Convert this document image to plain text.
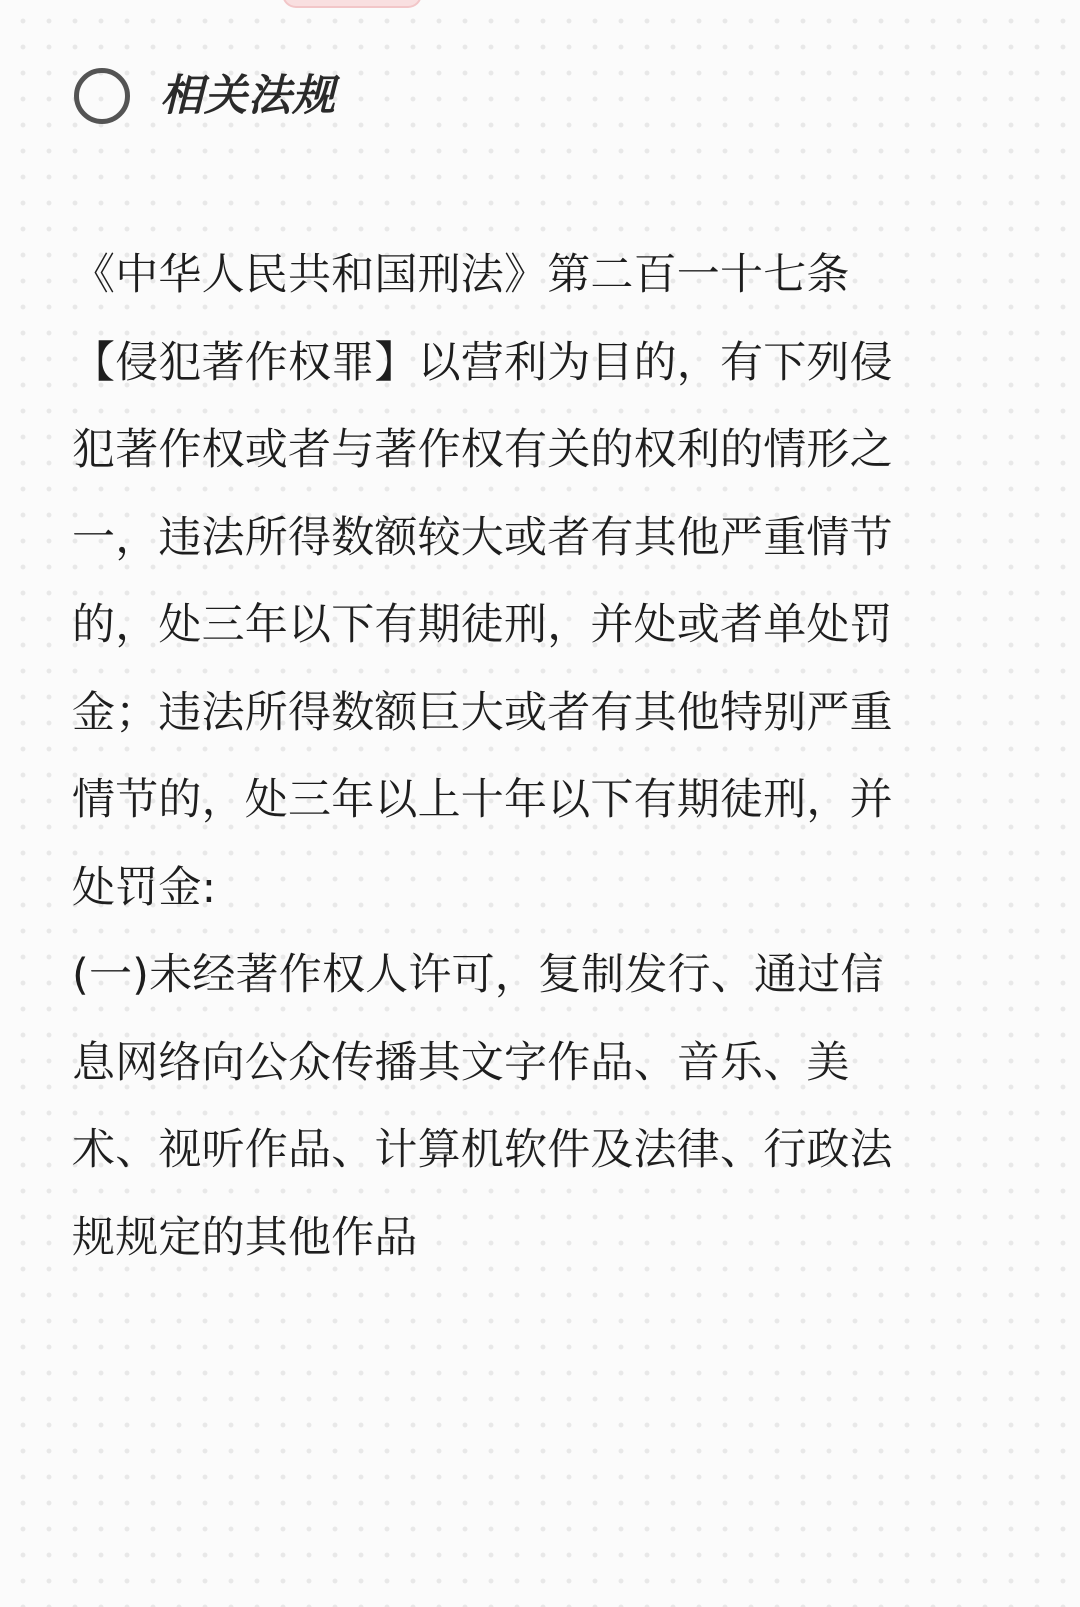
相关法规
《中华人民共和国刑法》第二百一十七条
【侵犯著作权罪】以营利为目的，有下列侵
犯著作权或者与著作权有关的权利的情形之
一，违法所得数额较大或者有其他严重情节
的，处三年以下有期徒刑，并处或者单处罚
金；违法所得数额巨大或者有其他特别严重
情节的，处三年以上十年以下有期徒刑，并
处罚金:
(一)未经著作权人许可，复制发行、通过信
息网络向公众传播其文字作品、音乐、美
术、视听作品、计算机软件及法律、行政法
规规定的其他作品
